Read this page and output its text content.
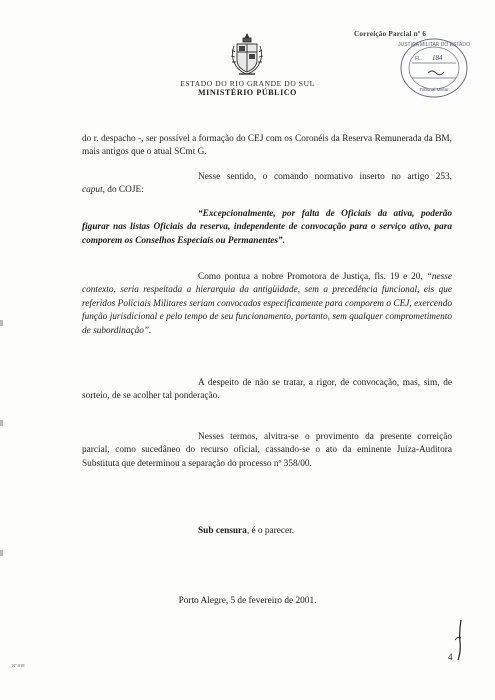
Correição Parcial nº 6
ESTADO DO RIO GRANDE DO SUL
MINISTÉRIO PÚBLICO
JUSTIÇA MILITAR DO ESTADO
FL. 184
Tribunal Militar
do r. despacho -, ser possível a formação do CEJ com os Coronéis da Reserva Remunerada da BM, mais antigos que o atual SCmt G.
Nesse sentido, o comando normativo inserto no artigo 253,
caput, do COJE:
“Excepcionalmente, por falta de Oficiais da ativa, poderão figurar nas listas Oficiais da reserva, independente de convocação para o serviço ativo, para comporem os Conselhos Especiais ou Permanentes”.
Como pontua a nobre Promotora de Justiça, fls. 19 e 20, “nesse contexto, seria respeitada a hierarquia da antigüidade, sem a precedência funcional, eis que referidos Policiais Militares seriam convocados especificamente para comporem o CEJ, exercendo função jurisdicional e pelo tempo de seu funcionamento, portanto, sem qualquer comprometimento de subordinação”.
A despeito de não se tratar, a rigor, de convocação, mas, sim, de sorteio, de se acolher tal ponderação.
Nesses termos, alvitra-se o provimento da presente correição parcial, como sucedâneo do recurso oficial, cassando-se o ato da eminente Juíza-Auditora Substituta que determinou a separação do processo nº 358/00.
Sub censura, é o parecer.
Porto Alegre, 5 de fevereiro de 2001.
4
Nº 018
